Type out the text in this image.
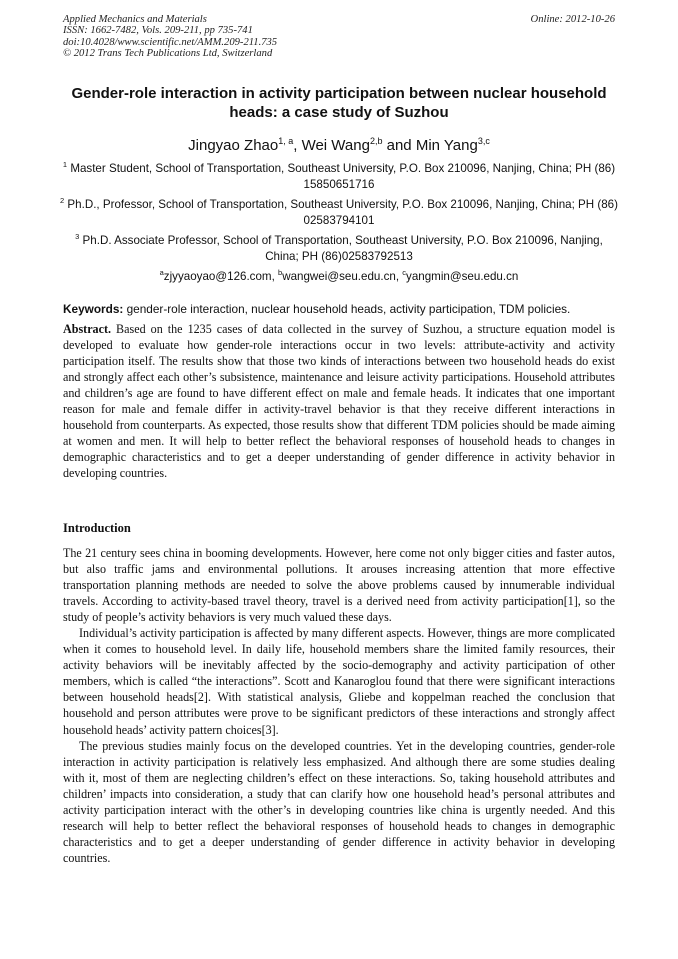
Applied Mechanics and Materials
ISSN: 1662-7482, Vols. 209-211, pp 735-741
doi:10.4028/www.scientific.net/AMM.209-211.735
© 2012 Trans Tech Publications Ltd, Switzerland
Online: 2012-10-26
Gender-role interaction in activity participation between nuclear household heads: a case study of Suzhou
Jingyao Zhao$^{1, a}$, Wei Wang$^{2,b}$ and Min Yang$^{3,c}$
$^1$ Master Student, School of Transportation, Southeast University, P.O. Box 210096, Nanjing, China; PH (86) 15850651716
$^2$ Ph.D., Professor, School of Transportation, Southeast University, P.O. Box 210096, Nanjing, China; PH (86) 02583794101
$^3$ Ph.D. Associate Professor, School of Transportation, Southeast University, P.O. Box 210096, Nanjing, China; PH (86)02583792513
$^a$zjyyaoyao@126.com, $^b$wangwei@seu.edu.cn, $^c$yangmin@seu.edu.cn
Keywords: gender-role interaction, nuclear household heads, activity participation, TDM policies.
Abstract. Based on the 1235 cases of data collected in the survey of Suzhou, a structure equation model is developed to evaluate how gender-role interactions occur in two levels: attribute-activity and activity participation itself. The results show that those two kinds of interactions between two household heads do exist and strongly affect each other’s subsistence, maintenance and leisure activity participations. Household attributes and children’s age are found to have different effect on male and female heads. It indicates that one important reason for male and female differ in activity-travel behavior is that they receive different interactions in household from counterparts. As expected, those results show that different TDM policies should be made aiming at women and men. It will help to better reflect the behavioral responses of household heads to changes in demographic characteristics and to get a deeper understanding of gender difference in activity behavior in developing countries.
Introduction

The 21 century sees china in booming developments. However, here come not only bigger cities and faster autos, but also traffic jams and environmental pollutions. It arouses increasing attention that more effective transportation planning methods are needed to solve the above problems caused by innumerable individual travels. According to activity-based travel theory, travel is a derived need from activity participation[1], so the study of people’s activity behaviors is very much valued these days.

Individual’s activity participation is affected by many different aspects. However, things are more complicated when it comes to household level. In daily life, household members share the limited family resources, their activity behaviors will be inevitably affected by the socio-demography and activity participation of other members, which is called “the interactions”. Scott and Kanaroglou found that there were significant interactions between household heads[2]. With statistical analysis, Gliebe and koppelman reached the conclusion that household and person attributes were prove to be significant predictors of these interactions and strongly affect household heads’ activity pattern choices[3].

The previous studies mainly focus on the developed countries. Yet in the developing countries, gender-role interaction in activity participation is relatively less emphasized. And although there are some studies dealing with it, most of them are neglecting children’s effect on these interactions. So, taking household attributes and children’ impacts into consideration, a study that can clarify how one household head’s personal attributes and activity participation interact with the other’s in developing countries like china is urgently needed. And this research will help to better reflect the behavioral responses of household heads to changes in demographic characteristics and to get a deeper understanding of gender difference in activity behavior in developing countries.
